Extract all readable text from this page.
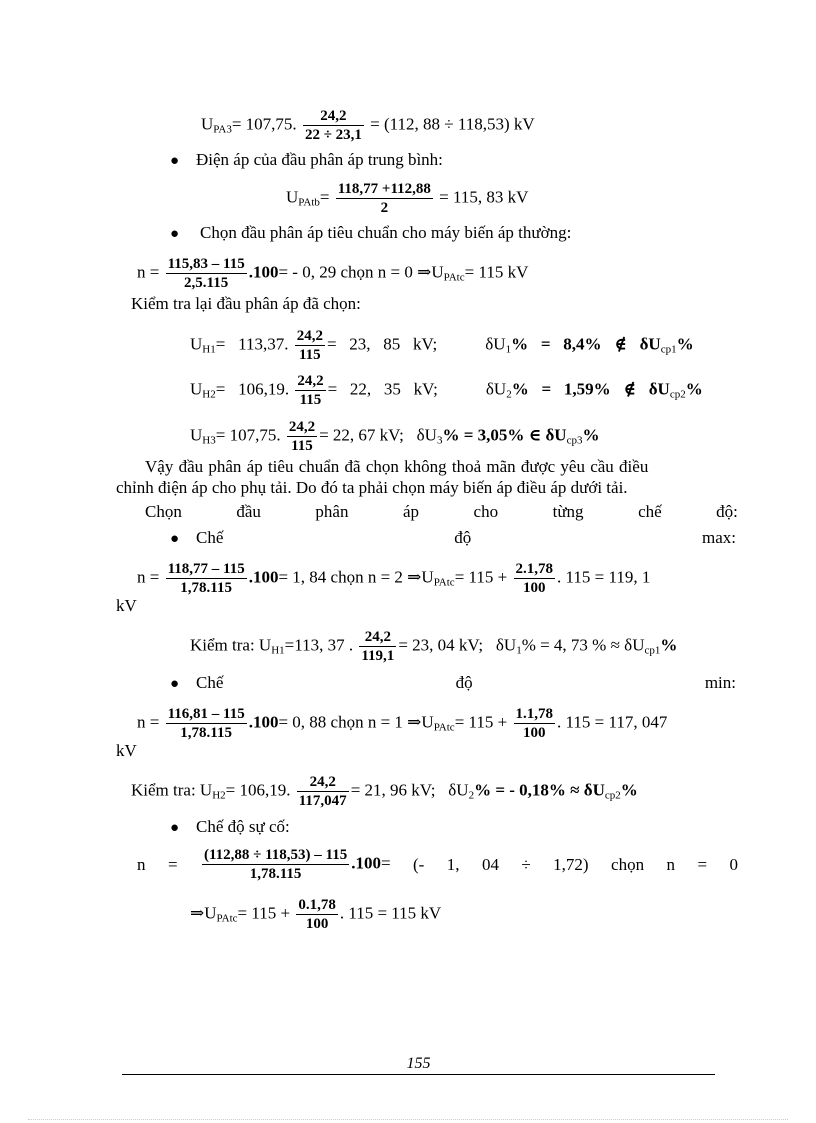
$U_{PA3}= 107,75$. $\frac{24,2}{22 \div 23,1} = (112$, 88 ÷ 118,53) kV
● Điện áp của đầu phân áp trung bình:
$U_{PAtb}= \frac{118,77 +112,88}{2} = 115$, 83 kV
● Chọn đầu phân áp tiêu chuẩn cho máy biến áp thường:
$n = \frac{115,83 - 115}{2,5.115} .100= - 0$, 29 chọn n = 0 $\Rightarrow U_{PAtc}= 115$ kV
Kiểm tra lại đầu phân áp đã chọn:
$U_{H1}= 113,37$. $\frac{24,2}{115} = 23$,   85   kV;	$\delta U_1\% = 8,4\%$   ∉   $\delta U_{cp1}\%$
$U_{H2}= 106,19$. $\frac{24,2}{115} = 22$,   35   kV;	$\delta U_2\% = 1,59\%$   ∉   $\delta U_{cp2}\%$
$U_{H3}= 107,75$. $\frac{24,2}{115} = 22$, 67 kV;   $\delta U_3\% = 3,05\%$ ∈ $\delta U_{cp3}\%$
Vậy đầu phân áp tiêu chuẩn đã chọn không thoả mãn được yêu cầu điều
chỉnh điện áp cho phụ tải. Do đó ta phải chọn máy biến áp điều áp dưới tải.
Chọn	đầu	phân	áp	cho	từng	chế	độ:
● Chế	độ	max:
$n = \frac{118,77 - 115}{1,78.115} .100= 1$, 84 chọn n = 2 $\Rightarrow U_{PAtc}= 115 + \frac{2.1,78}{100}$ . 115 = 119, 1
kV
Kiểm tra: $U_{H1}=113$, 37 . $\frac{24,2}{119,1} = 23$, 04 kV;   $\delta U_1\% = 4$, 73 % ≈ $\delta U_{cp1}\%$
● Chế	độ	min:
$n = \frac{116,81 - 115}{1,78.115} .100= 0$, 88 chọn n = 1 $\Rightarrow U_{PAtc}= 115 + \frac{1.1,78}{100}$ . 115 = 117, 047
kV
Kiểm tra: $U_{H2}= 106,19$. $\frac{24,2}{117,047} = 21$, 96 kV;   $\delta U_2\%$ = - $0,18\% \approx \delta U_{cp2}\%$
● Chế độ sự cố:
$n = \frac{(112,88 \div 118,53) - 115}{1,78.115} .100=$ (- 1, 04 ÷ 1,72) chọn n = 0
$\Rightarrow U_{PAtc}= 115 + \frac{0.1,78}{100}$ . 115 = 115 kV
155
